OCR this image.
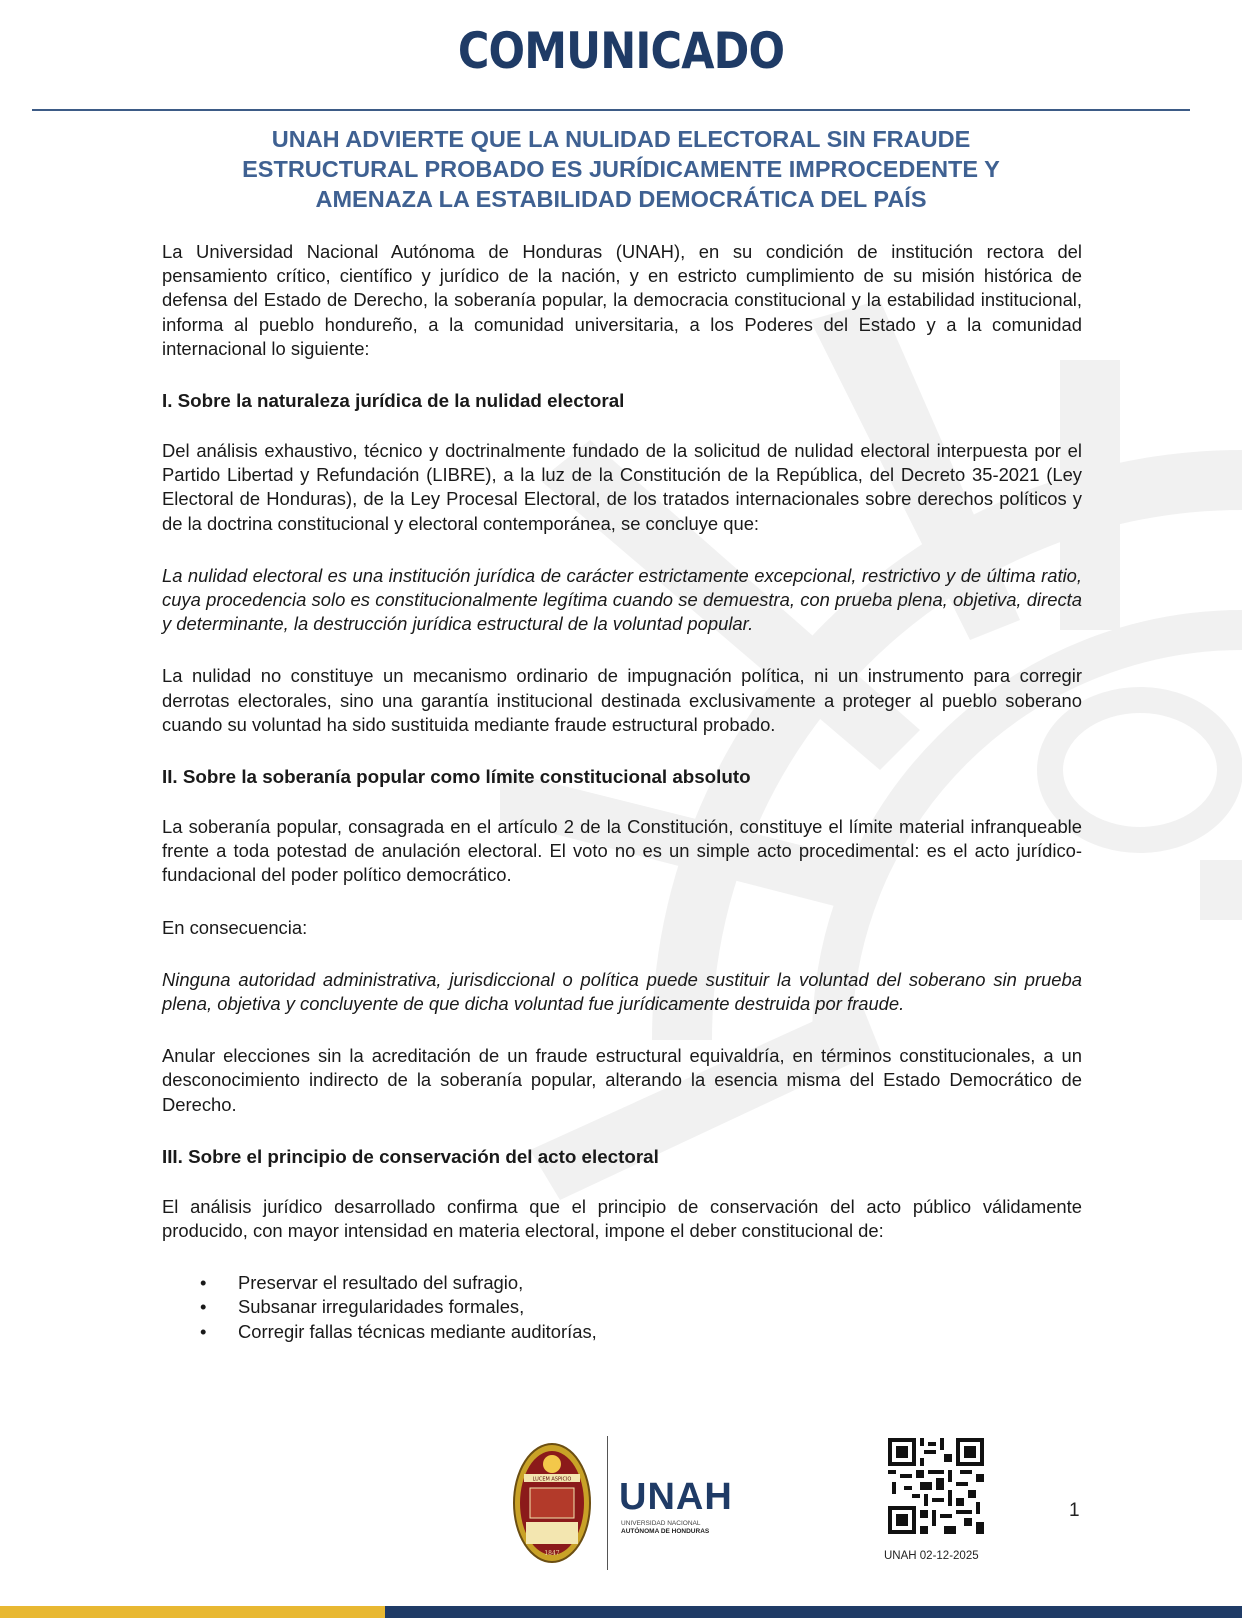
COMUNICADO
UNAH ADVIERTE QUE LA NULIDAD ELECTORAL SIN FRAUDE
ESTRUCTURAL PROBADO ES JURÍDICAMENTE IMPROCEDENTE Y
AMENAZA LA ESTABILIDAD DEMOCRÁTICA DEL PAÍS

La Universidad Nacional Autónoma de Honduras (UNAH), en su condición de institución rectora del pensamiento crítico, científico y jurídico de la nación, y en estricto cumplimiento de su misión histórica de defensa del Estado de Derecho, la soberanía popular, la democracia constitucional y la estabilidad institucional, informa al pueblo hondureño, a la comunidad universitaria, a los Poderes del Estado y a la comunidad internacional lo siguiente:

I. Sobre la naturaleza jurídica de la nulidad electoral

Del análisis exhaustivo, técnico y doctrinalmente fundado de la solicitud de nulidad electoral interpuesta por el Partido Libertad y Refundación (LIBRE), a la luz de la Constitución de la República, del Decreto 35-2021 (Ley Electoral de Honduras), de la Ley Procesal Electoral, de los tratados internacionales sobre derechos políticos y de la doctrina constitucional y electoral contemporánea, se concluye que:

La nulidad electoral es una institución jurídica de carácter estrictamente excepcional, restrictivo y de última ratio, cuya procedencia solo es constitucionalmente legítima cuando se demuestra, con prueba plena, objetiva, directa y determinante, la destrucción jurídica estructural de la voluntad popular.

La nulidad no constituye un mecanismo ordinario de impugnación política, ni un instrumento para corregir derrotas electorales, sino una garantía institucional destinada exclusivamente a proteger al pueblo soberano cuando su voluntad ha sido sustituida mediante fraude estructural probado.

II. Sobre la soberanía popular como límite constitucional absoluto

La soberanía popular, consagrada en el artículo 2 de la Constitución, constituye el límite material infranqueable frente a toda potestad de anulación electoral. El voto no es un simple acto procedimental: es el acto jurídico-fundacional del poder político democrático.

En consecuencia:

Ninguna autoridad administrativa, jurisdiccional o política puede sustituir la voluntad del soberano sin prueba plena, objetiva y concluyente de que dicha voluntad fue jurídicamente destruida por fraude.

Anular elecciones sin la acreditación de un fraude estructural equivaldría, en términos constitucionales, a un desconocimiento indirecto de la soberanía popular, alterando la esencia misma del Estado Democrático de Derecho.

III. Sobre el principio de conservación del acto electoral

El análisis jurídico desarrollado confirma que el principio de conservación del acto público válidamente producido, con mayor intensidad en materia electoral, impone el deber constitucional de:

• Preservar el resultado del sufragio,
• Subsanar irregularidades formales,
• Corregir fallas técnicas mediante auditorías,
LUCEM ASPICIO
1847
UNAH
UNIVERSIDAD NACIONAL
AUTÓNOMA DE HONDURAS
UNAH 02-12-2025
1
